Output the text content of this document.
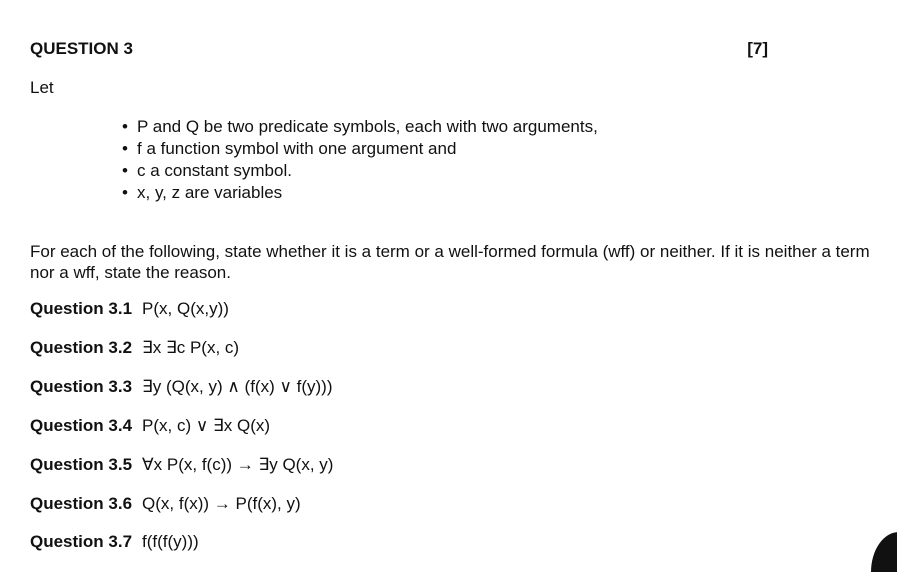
QUESTION 3	[7]
Let
• P and Q be two predicate symbols, each with two arguments,
• f a function symbol with one argument and
• c a constant symbol.
• x, y, z are variables
For each of the following, state whether it is a term or a well-formed formula (wff) or neither. If it is neither a term nor a wff, state the reason.
Question 3.1 P(x, Q(x,y))
Question 3.2 ∃x ∃c P(x, c)
Question 3.3 ∃y (Q(x, y) ∧ (f(x) ∨ f(y)))
Question 3.4 P(x, c) ∨ ∃x Q(x)
Question 3.5 ∀x P(x, f(c)) → ∃y Q(x, y)
Question 3.6 Q(x, f(x)) → P(f(x), y)
Question 3.7 f(f(f(y)))
